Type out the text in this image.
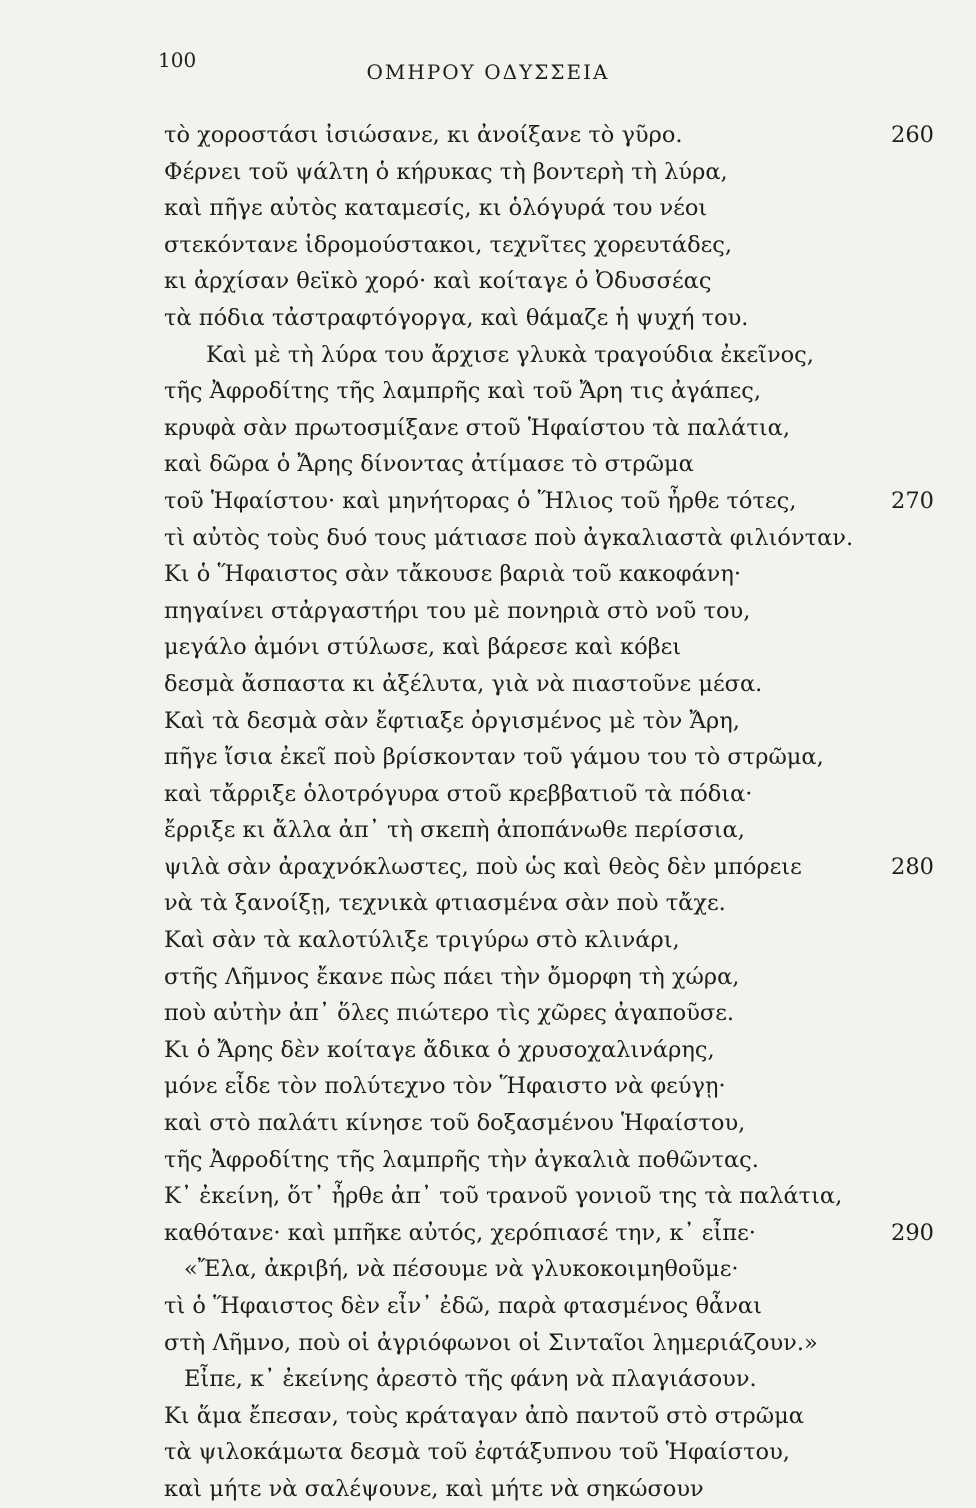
100	ΟΜΗΡΟΥ ΟΔΥΣΣΕΙΑ
τὸ χοροστάσι ἰσιώσανε, κι ἀνοίξανε τὸ γῦρο.	260
Φέρνει τοῦ ψάλτη ὁ κήρυκας τὴ βοντερὴ τὴ λύρα,
καὶ πῆγε αὐτὸς καταμεσίς, κι ὁλόγυρά του νέοι
στεκόντανε ἱδρομούστακοι, τεχνῖτες χορευτάδες,
κι ἀρχίσαν θεϊκὸ χορό· καὶ κοίταγε ὁ Ὀδυσσέας
τὰ πόδια τἀστραφτόγοργα, καὶ θάμαζε ἡ ψυχή του.
Καὶ μὲ τὴ λύρα του ἄρχισε γλυκὰ τραγούδια ἐκεῖνος,
τῆς Ἀφροδίτης τῆς λαμπρῆς καὶ τοῦ Ἄρη τις ἀγάπες,
κρυφὰ σὰν πρωτοσμίξανε στοῦ Ἡφαίστου τὰ παλάτια,
καὶ δῶρα ὁ Ἄρης δίνοντας ἀτίμασε τὸ στρῶμα
τοῦ Ἡφαίστου· καὶ μηνήτορας ὁ Ἥλιος τοῦ ἦρθε τότες,	270
τὶ αὐτὸς τοὺς δυό τους μάτιασε ποὺ ἀγκαλιαστὰ φιλιόνταν.
Κι ὁ Ἥφαιστος σὰν τἄκουσε βαριὰ τοῦ κακοφάνη·
πηγαίνει στἀργαστήρι του μὲ πονηριὰ στὸ νοῦ του,
μεγάλο ἀμόνι στύλωσε, καὶ βάρεσε καὶ κόβει
δεσμὰ ἄσπαστα κι ἀξέλυτα, γιὰ νὰ πιαστοῦνε μέσα.
Καὶ τὰ δεσμὰ σὰν ἔφτιαξε ὀργισμένος μὲ τὸν Ἄρη,
πῆγε ἴσια ἐκεῖ ποὺ βρίσκονταν τοῦ γάμου του τὸ στρῶμα,
καὶ τἄρριξε ὁλοτρόγυρα στοῦ κρεββατιοῦ τὰ πόδια·
ἔρριξε κι ἄλλα ἀπ᾽ τὴ σκεπὴ ἀποπάνωθε περίσσια,
ψιλὰ σὰν ἀραχνόκλωστες, ποὺ ὡς καὶ θεὸς δὲν μπόρειε	280
νὰ τὰ ξανοίξῃ, τεχνικὰ φτιασμένα σὰν ποὺ τἄχε.
Καὶ σὰν τὰ καλοτύλιξε τριγύρω στὸ κλινάρι,
στῆς Λῆμνος ἔκανε πὼς πάει τὴν ὄμορφη τὴ χώρα,
ποὺ αὐτὴν ἀπ᾽ ὅλες πιώτερο τὶς χῶρες ἀγαποῦσε.
Κι ὁ Ἄρης δὲν κοίταγε ἄδικα ὁ χρυσοχαλινάρης,
μόνε εἶδε τὸν πολύτεχνο τὸν Ἥφαιστο νὰ φεύγῃ·
καὶ στὸ παλάτι κίνησε τοῦ δοξασμένου Ἡφαίστου,
τῆς Ἀφροδίτης τῆς λαμπρῆς τὴν ἀγκαλιὰ ποθῶντας.
Κ᾽ ἐκείνη, ὅτ᾽ ἦρθε ἀπ᾽ τοῦ τρανοῦ γονιοῦ της τὰ παλάτια,
καθότανε· καὶ μπῆκε αὐτός, χερόπιασέ την, κ᾽ εἶπε·	290
«Ἔλα, ἀκριβή, νὰ πέσουμε νὰ γλυκοκοιμηθοῦμε·
τὶ ὁ Ἥφαιστος δὲν εἶν᾽ ἐδῶ, παρὰ φτασμένος θἆναι
στὴ Λῆμνο, ποὺ οἱ ἀγριόφωνοι οἱ Σινταῖοι λημεριάζουν.»
Εἶπε, κ᾽ ἐκείνης ἀρεστὸ τῆς φάνη νὰ πλαγιάσουν.
Κι ἅμα ἔπεσαν, τοὺς κράταγαν ἀπὸ παντοῦ στὸ στρῶμα
τὰ ψιλοκάμωτα δεσμὰ τοῦ ἐφτάξυπνου τοῦ Ἡφαίστου,
καὶ μήτε νὰ σαλέψουνε, καὶ μήτε νὰ σηκώσουν
